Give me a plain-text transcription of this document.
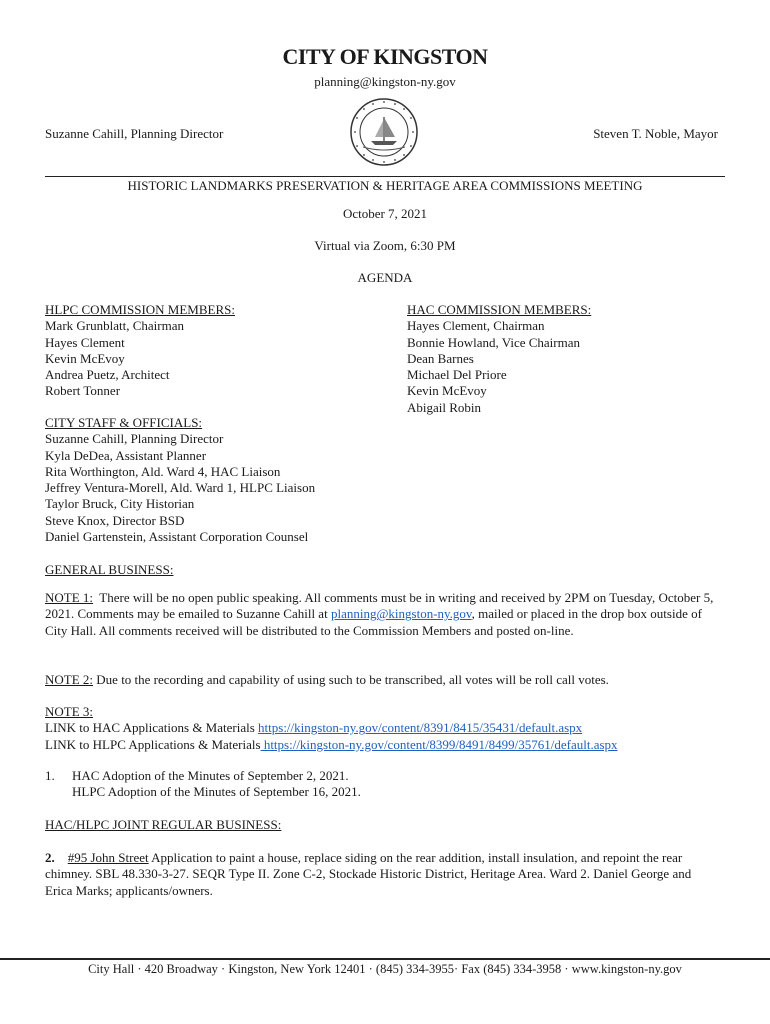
CITY OF KINGSTON
planning@kingston-ny.gov
Suzanne Cahill, Planning Director	Steven T. Noble, Mayor
HISTORIC LANDMARKS PRESERVATION & HERITAGE AREA COMMISSIONS MEETING
October 7, 2021
Virtual via Zoom, 6:30 PM
AGENDA
HLPC COMMISSION MEMBERS:
Mark Grunblatt, Chairman
Hayes Clement
Kevin McEvoy
Andrea Puetz, Architect
Robert Tonner
HAC COMMISSION MEMBERS:
Hayes Clement, Chairman
Bonnie Howland, Vice Chairman
Dean Barnes
Michael Del Priore
Kevin McEvoy
Abigail Robin
CITY STAFF & OFFICIALS:
Suzanne Cahill, Planning Director
Kyla DeDea, Assistant Planner
Rita Worthington, Ald. Ward 4, HAC Liaison
Jeffrey Ventura-Morell, Ald. Ward 1, HLPC Liaison
Taylor Bruck, City Historian
Steve Knox, Director BSD
Daniel Gartenstein, Assistant Corporation Counsel
GENERAL BUSINESS:
NOTE 1: There will be no open public speaking. All comments must be in writing and received by 2PM on Tuesday, October 5, 2021. Comments may be emailed to Suzanne Cahill at planning@kingston-ny.gov, mailed or placed in the drop box outside of City Hall. All comments received will be distributed to the Commission Members and posted on-line.
NOTE 2: Due to the recording and capability of using such to be transcribed, all votes will be roll call votes.
NOTE 3:
LINK to HAC Applications & Materials https://kingston-ny.gov/content/8391/8415/35431/default.aspx
LINK to HLPC Applications & Materials https://kingston-ny.gov/content/8399/8491/8499/35761/default.aspx
1. HAC Adoption of the Minutes of September 2, 2021.
HLPC Adoption of the Minutes of September 16, 2021.
HAC/HLPC JOINT REGULAR BUSINESS:
2. #95 John Street Application to paint a house, replace siding on the rear addition, install insulation, and repoint the rear chimney. SBL 48.330-3-27. SEQR Type II. Zone C-2, Stockade Historic District, Heritage Area. Ward 2. Daniel George and Erica Marks; applicants/owners.
City Hall · 420 Broadway · Kingston, New York 12401 · (845) 334-3955· Fax (845) 334-3958 · www.kingston-ny.gov
